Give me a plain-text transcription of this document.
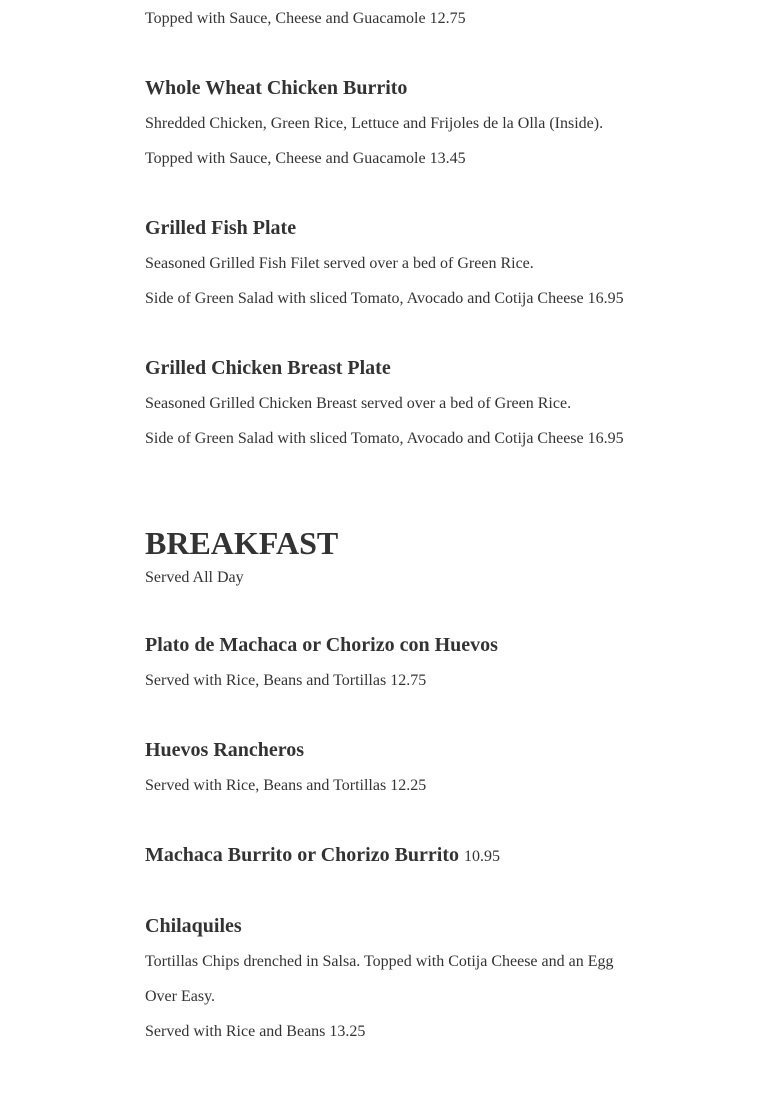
Topped with Sauce, Cheese and Guacamole 12.75

Whole Wheat Chicken Burrito

Shredded Chicken, Green Rice, Lettuce and Frijoles de la Olla (Inside).

Topped with Sauce, Cheese and Guacamole 13.45

Grilled Fish Plate

Seasoned Grilled Fish Filet served over a bed of Green Rice.

Side of Green Salad with sliced Tomato, Avocado and Cotija Cheese 16.95

Grilled Chicken Breast Plate

Seasoned Grilled Chicken Breast served over a bed of Green Rice.

Side of Green Salad with sliced Tomato, Avocado and Cotija Cheese 16.95

BREAKFAST

Served All Day

Plato de Machaca or Chorizo con Huevos

Served with Rice, Beans and Tortillas 12.75

Huevos Rancheros

Served with Rice, Beans and Tortillas 12.25

Machaca Burrito or Chorizo Burrito 10.95
Chilaquiles

Tortillas Chips drenched in Salsa. Topped with Cotija Cheese and an Egg

Over Easy.

Served with Rice and Beans 13.25
